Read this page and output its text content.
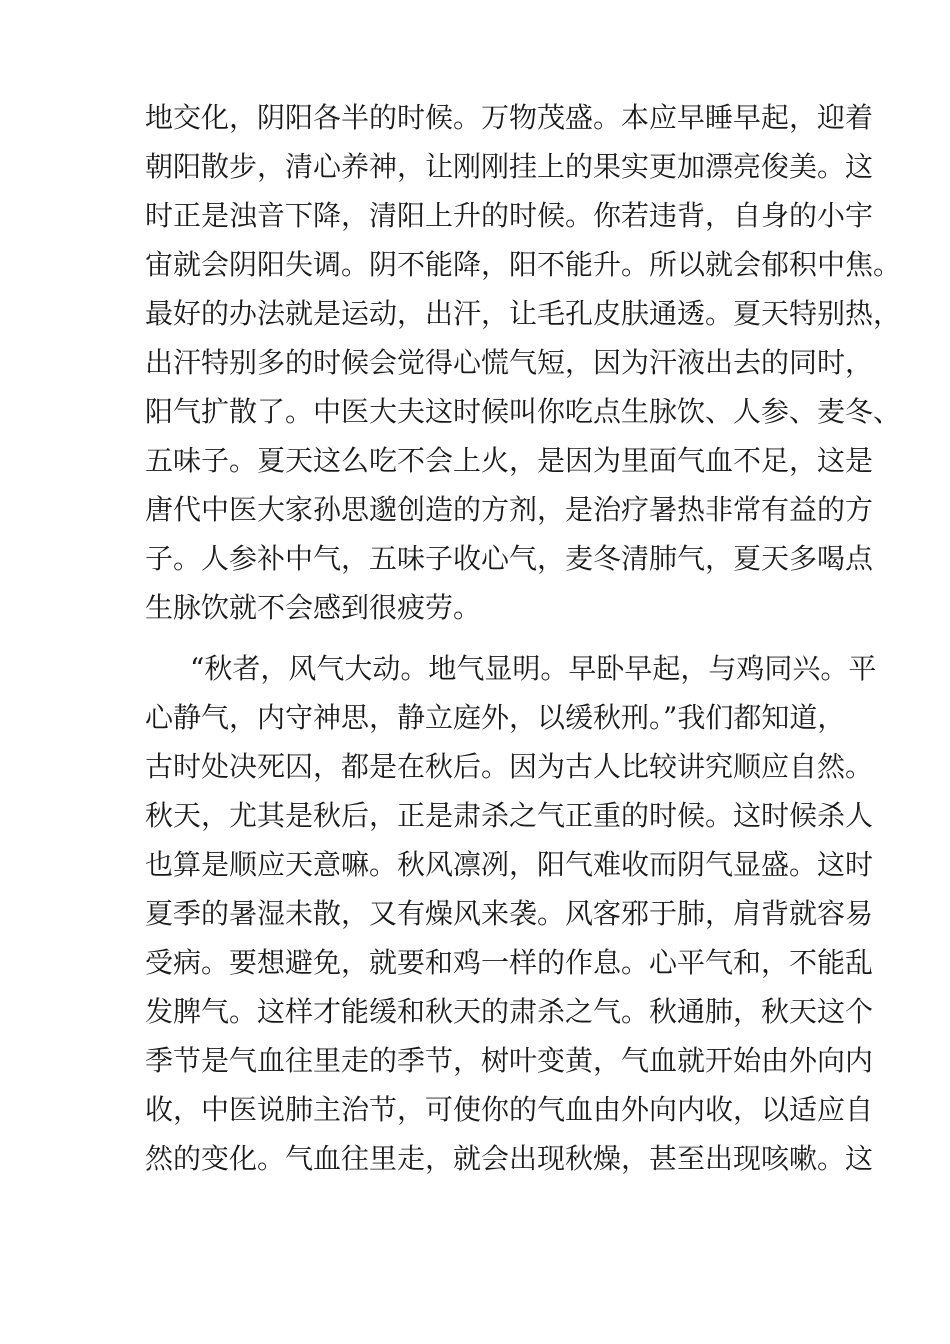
地交化，阴阳各半的时候。万物茂盛。本应早睡早起，迎着
朝阳散步，清心养神，让刚刚挂上的果实更加漂亮俊美。这
时正是浊音下降，清阳上升的时候。你若违背，自身的小宇
宙就会阴阳失调。阴不能降，阳不能升。所以就会郁积中焦。
最好的办法就是运动，出汗，让毛孔皮肤通透。夏天特别热，
出汗特别多的时候会觉得心慌气短，因为汗液出去的同时，
阳气扩散了。中医大夫这时候叫你吃点生脉饮、人参、麦冬、
五味子。夏天这么吃不会上火，是因为里面气血不足，这是
唐代中医大家孙思邈创造的方剂，是治疗暑热非常有益的方
子。人参补中气，五味子收心气，麦冬清肺气，夏天多喝点
生脉饮就不会感到很疲劳。
“秋者，风气大动。地气显明。早卧早起，与鸡同兴。平
心静气，内守神思，静立庭外，以缓秋刑。”我们都知道，
古时处决死囚，都是在秋后。因为古人比较讲究顺应自然。
秋天，尤其是秋后，正是肃杀之气正重的时候。这时候杀人
也算是顺应天意嘛。秋风凛冽，阳气难收而阴气显盛。这时
夏季的暑湿未散，又有燥风来袭。风客邪于肺，肩背就容易
受病。要想避免，就要和鸡一样的作息。心平气和，不能乱
发脾气。这样才能缓和秋天的肃杀之气。秋通肺，秋天这个
季节是气血往里走的季节，树叶变黄，气血就开始由外向内
收，中医说肺主治节，可使你的气血由外向内收，以适应自
然的变化。气血往里走，就会出现秋燥，甚至出现咳嗽。这
